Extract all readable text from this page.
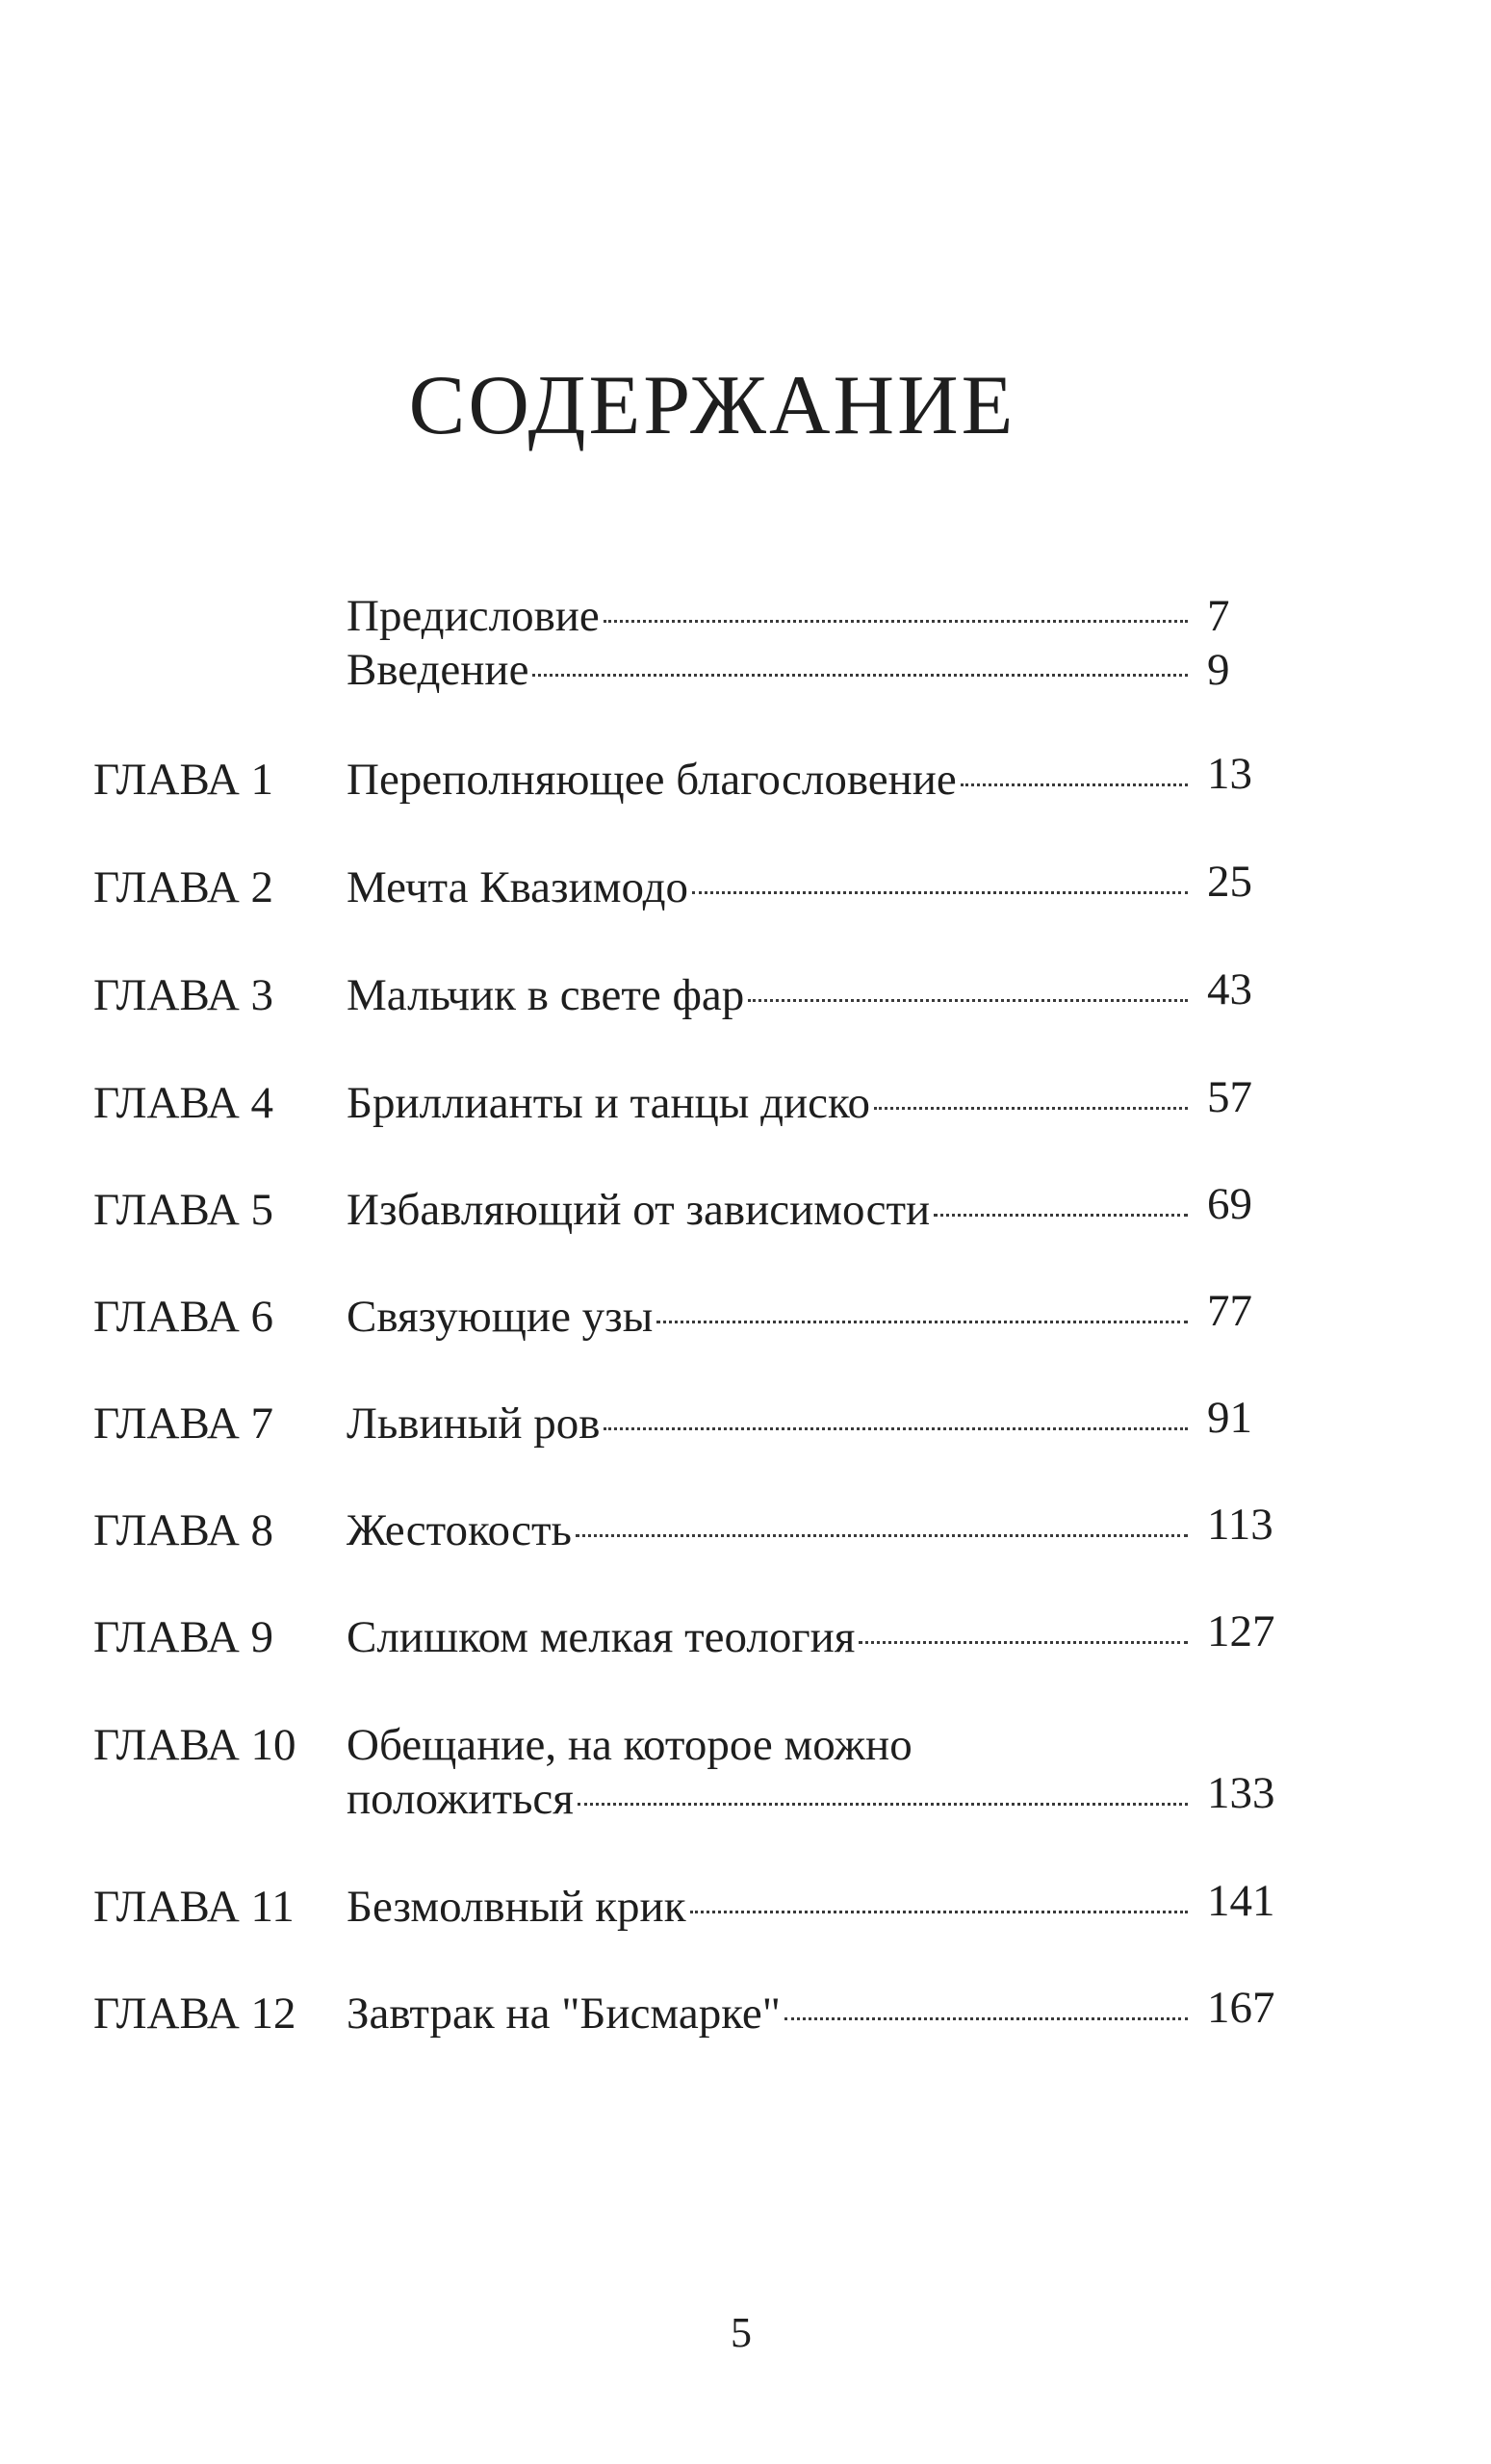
СОДЕРЖАНИЕ
Предисловие	7
Введение	9
ГЛАВА 1 Переполняющее благословение	13
ГЛАВА 2 Мечта Квазимодо	25
ГЛАВА 3 Мальчик в свете фар	43
ГЛАВА 4 Бриллианты и танцы диско	57
ГЛАВА 5 Избавляющий от зависимости	69
ГЛАВА 6 Связующие узы	77
ГЛАВА 7 Львиный ров	91
ГЛАВА 8 Жестокость	113
ГЛАВА 9 Слишком мелкая теология	127
ГЛАВА 10 Обещание, на которое можно
положиться	133
ГЛАВА 11 Безмолвный крик	141
ГЛАВА 12 Завтрак на "Бисмарке"	167
5
